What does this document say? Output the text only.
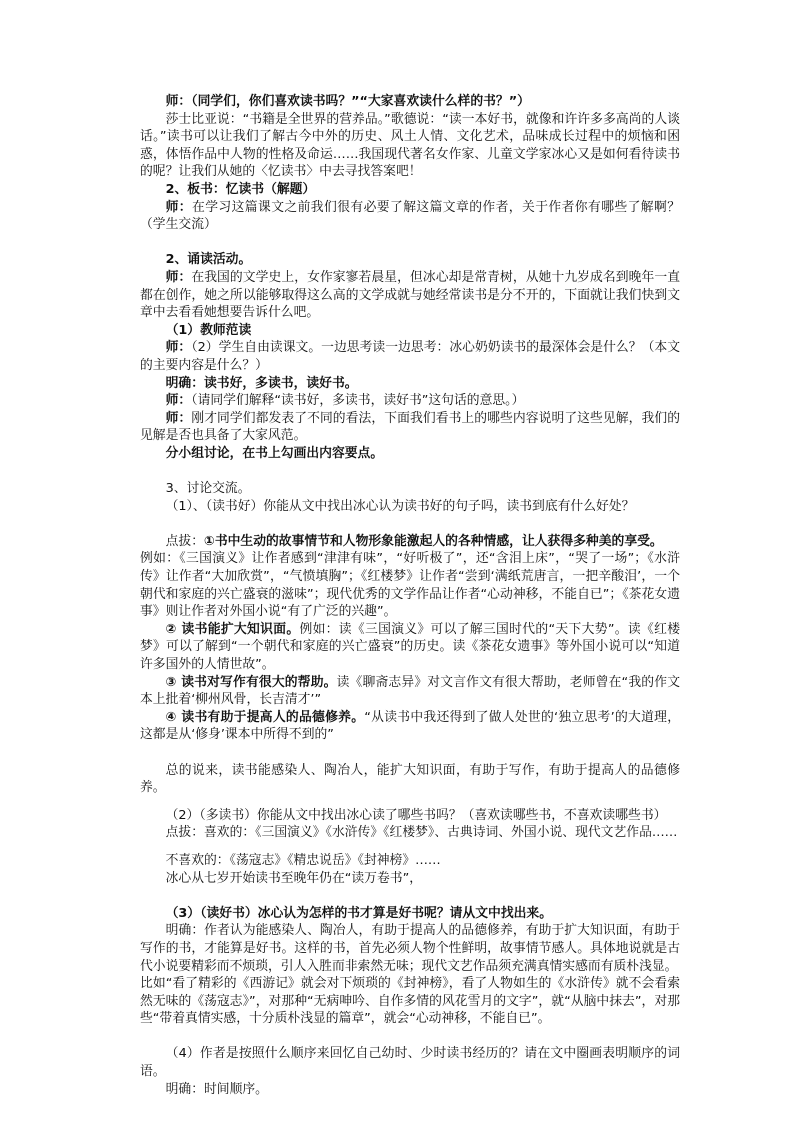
师：（同学们，你们喜欢读书吗？”“大家喜欢读什么样的书？”）

莎士比亚说：“书籍是全世界的营养品。”歌德说：“读一本好书，就像和许许多多高尚的人谈话。”读书可以让我们了解古今中外的历史、风土人情、文化艺术，品味成长过程中的烦恼和困惑，体悟作品中人物的性格及命运……我国现代著名女作家、儿童文学家冰心又是如何看待读书的呢？让我们从她的〈忆读书〉中去寻找答案吧！

2、板书：忆读书（解题）

师：在学习这篇课文之前我们很有必要了解这篇文章的作者，关于作者你有哪些了解啊？（学生交流）

2、诵读活动。

师：在我国的文学史上，女作家寥若晨星，但冰心却是常青树，从她十九岁成名到晚年一直都在创作，她之所以能够取得这么高的文学成就与她经常读书是分不开的，下面就让我们快到文章中去看看她想要告诉什么吧。

（1）教师范读

师：（2）学生自由读课文。一边思考读一边思考：冰心奶奶读书的最深体会是什么？（本文的主要内容是什么？）

明确：读书好，多读书，读好书。

师：（请同学们解释“读书好，多读书，读好书”这句话的意思。）

师：刚才同学们都发表了不同的看法，下面我们看书上的哪些内容说明了这些见解，我们的见解是否也具备了大家风范。

分小组讨论，在书上勾画出内容要点。

3、讨论交流。

（1）、（读书好）你能从文中找出冰心认为读书好的句子吗，读书到底有什么好处？

点拔：①书中生动的故事情节和人物形象能激起人的各种情感，让人获得多种美的享受。

例如：《三国演义》让作者感到“津津有味”，“好听极了”，还“含泪上床”，“哭了一场”；《水浒传》让作者“大加欣赏”，“气愤填胸”；《红楼梦》让作者“尝到‘满纸荒唐言，一把辛酸泪’，一个朝代和家庭的兴亡盛衰的滋味”；现代优秀的文学作品让作者“心动神移，不能自已”；《茶花女遗事》则让作者对外国小说“有了广泛的兴趣”。

② 读书能扩大知识面。例如：读《三国演义》可以了解三国时代的“天下大势”。读《红楼梦》可以了解到“一个朝代和家庭的兴亡盛衰”的历史。读《茶花女遗事》等外国小说可以“知道许多国外的人情世故”。

③ 读书对写作有很大的帮助。读《聊斋志异》对文言作文有很大帮助，老师曾在“我的作文本上批着‘柳州风骨，长吉清才’”

④ 读书有助于提高人的品德修养。“从读书中我还得到了做人处世的‘独立思考’的大道理，这都是从‘修身’课本中所得不到的”

总的说来，读书能感染人、陶冶人，能扩大知识面，有助于写作，有助于提高人的品德修养。

（2）（多读书）你能从文中找出冰心读了哪些书吗？（喜欢读哪些书，不喜欢读哪些书）

点拔：喜欢的：《三国演义》《水浒传》《红楼梦》、古典诗词、外国小说、现代文艺作品……

不喜欢的：《荡寇志》《精忠说岳》《封神榜》……

冰心从七岁开始读书至晚年仍在“读万卷书”，

（3）（读好书）冰心认为怎样的书才算是好书呢？请从文中找出来。

明确：作者认为能感染人、陶冶人，有助于提高人的品德修养，有助于扩大知识面，有助于写作的书，才能算是好书。这样的书，首先必须人物个性鲜明，故事情节感人。具体地说就是古代小说要精彩而不烦琐，引人入胜而非索然无味；现代文艺作品须充满真情实感而有质朴浅显。

比如“看了精彩的《西游记》就会对下烦琐的《封神榜》，看了人物如生的《水浒传》就不会看索然无味的《荡寇志》”，对那种“无病呻吟、自作多情的风花雪月的文字”，就“从脑中抹去”，对那些“带着真情实感，十分质朴浅显的篇章”，就会“心动神移，不能自已”。

（4）作者是按照什么顺序来回忆自己幼时、少时读书经历的？请在文中圈画表明顺序的词语。

明确：时间顺序。
